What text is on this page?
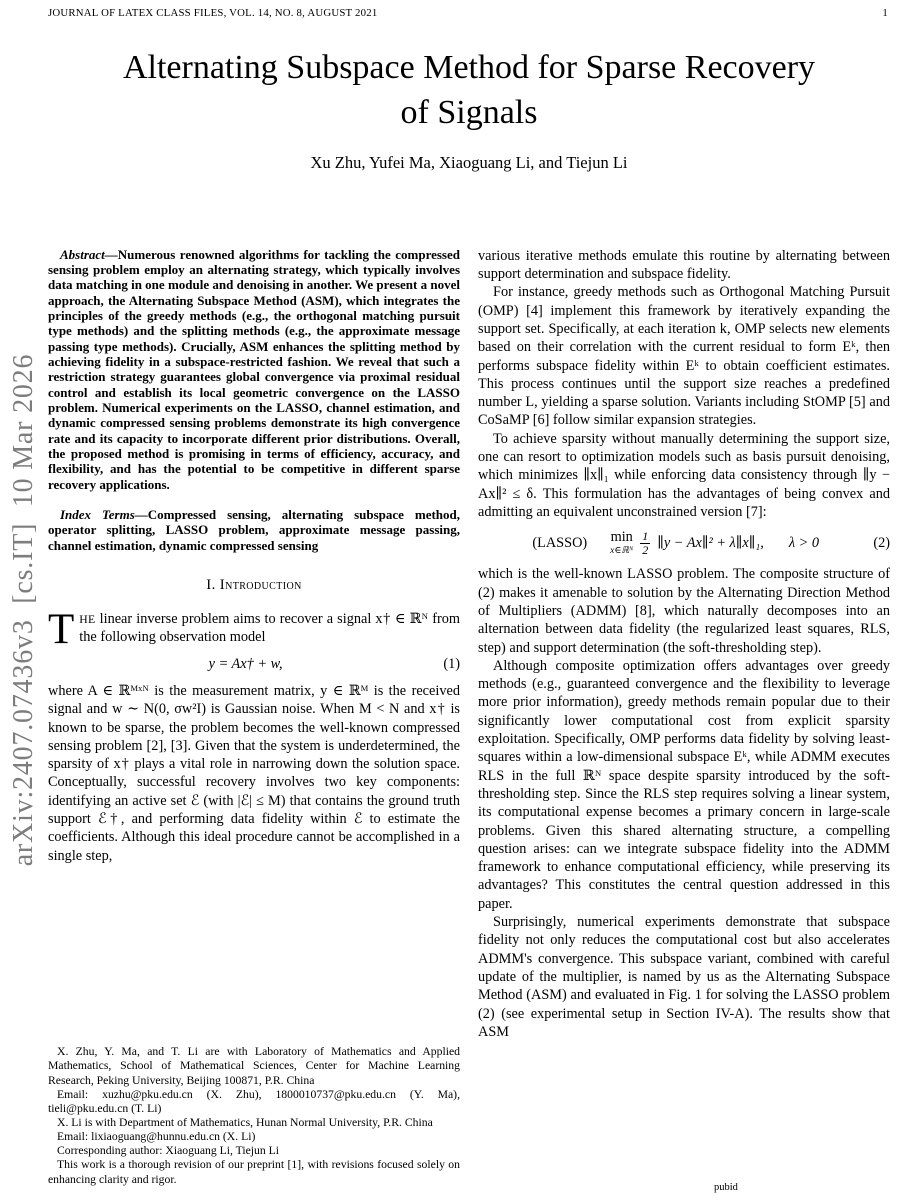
JOURNAL OF LATEX CLASS FILES, VOL. 14, NO. 8, AUGUST 2021	1
arXiv:2407.07436v3  [cs.IT]  10 Mar 2026
Alternating Subspace Method for Sparse Recovery
of Signals
Xu Zhu, Yufei Ma, Xiaoguang Li, and Tiejun Li

Abstract—Numerous renowned algorithms for tackling the compressed sensing problem employ an alternating strategy, which typically involves data matching in one module and denoising in another. We present a novel approach, the Alternating Subspace Method (ASM), which integrates the principles of the greedy methods (e.g., the orthogonal matching pursuit type methods) and the splitting methods (e.g., the approximate message passing type methods). Crucially, ASM enhances the splitting method by achieving fidelity in a subspace-restricted fashion. We reveal that such a restriction strategy guarantees global convergence via proximal residual control and establish its local geometric convergence on the LASSO problem. Numerical experiments on the LASSO, channel estimation, and dynamic compressed sensing problems demonstrate its high convergence rate and its capacity to incorporate different prior distributions. Overall, the proposed method is promising in terms of efficiency, accuracy, and flexibility, and has the potential to be competitive in different sparse recovery applications.

Index Terms—Compressed sensing, alternating subspace method, operator splitting, LASSO problem, approximate message passing, channel estimation, dynamic compressed sensing

I. Introduction

THE linear inverse problem aims to recover a signal x† ∈ ℝᴺ from the following observation model

y = Ax† + w,	(1)

where A ∈ ℝᴹˣᴺ is the measurement matrix, y ∈ ℝᴹ is the received signal and w ∼ N(0, σw²I) is Gaussian noise. When M < N and x† is known to be sparse, the problem becomes the well-known compressed sensing problem [2], [3]. Given that the system is underdetermined, the sparsity of x† plays a vital role in narrowing down the solution space. Conceptually, successful recovery involves two key components: identifying an active set ℰ (with |ℰ| ≤ M) that contains the ground truth support ℰ†, and performing data fidelity within ℰ to estimate the coefficients. Although this ideal procedure cannot be accomplished in a single step,

X. Zhu, Y. Ma, and T. Li are with Laboratory of Mathematics and Applied Mathematics, School of Mathematical Sciences, Center for Machine Learning Research, Peking University, Beijing 100871, P.R. China

Email: xuzhu@pku.edu.cn (X. Zhu), 1800010737@pku.edu.cn (Y. Ma), tieli@pku.edu.cn (T. Li)

X. Li is with Department of Mathematics, Hunan Normal University, P.R. China

Email: lixiaoguang@hunnu.edu.cn (X. Li)

Corresponding author: Xiaoguang Li, Tiejun Li

This work is a thorough revision of our preprint [1], with revisions focused solely on enhancing clarity and rigor.

various iterative methods emulate this routine by alternating between support determination and subspace fidelity.

For instance, greedy methods such as Orthogonal Matching Pursuit (OMP) [4] implement this framework by iteratively expanding the support set. Specifically, at each iteration k, OMP selects new elements based on their correlation with the current residual to form Eᵏ, then performs subspace fidelity within Eᵏ to obtain coefficient estimates. This process continues until the support size reaches a predefined number L, yielding a sparse solution. Variants including StOMP [5] and CoSaMP [6] follow similar expansion strategies.

To achieve sparsity without manually determining the support size, one can resort to optimization models such as basis pursuit denoising, which minimizes ∥x∥₁ while enforcing data consistency through ∥y − Ax∥² ≤ δ. This formulation has the advantages of being convex and admitting an equivalent unconstrained version [7]:

(LASSO) min
x∈ℝᴺ $\frac{1}{2}$ ∥y − Ax∥² + λ∥x∥₁, λ > 0	(2)

which is the well-known LASSO problem. The composite structure of (2) makes it amenable to solution by the Alternating Direction Method of Multipliers (ADMM) [8], which naturally decomposes into an alternation between data fidelity (the regularized least squares, RLS, step) and support determination (the soft-thresholding step).

Although composite optimization offers advantages over greedy methods (e.g., guaranteed convergence and the flexibility to leverage more prior information), greedy methods remain popular due to their significantly lower computational cost from explicit sparsity exploitation. Specifically, OMP performs data fidelity by solving least-squares within a low-dimensional subspace Eᵏ, while ADMM executes RLS in the full ℝᴺ space despite sparsity introduced by the soft-thresholding step. Since the RLS step requires solving a linear system, its computational expense becomes a primary concern in large-scale problems. Given this shared alternating structure, a compelling question arises: can we integrate subspace fidelity into the ADMM framework to enhance computational efficiency, while preserving its advantages? This constitutes the central question addressed in this paper.

Surprisingly, numerical experiments demonstrate that subspace fidelity not only reduces the computational cost but also accelerates ADMM's convergence. This subspace variant, combined with careful update of the multiplier, is named by us as the Alternating Subspace Method (ASM) and evaluated in Fig. 1 for solving the LASSO problem (2) (see experimental setup in Section IV-A). The results show that ASM

pubid
